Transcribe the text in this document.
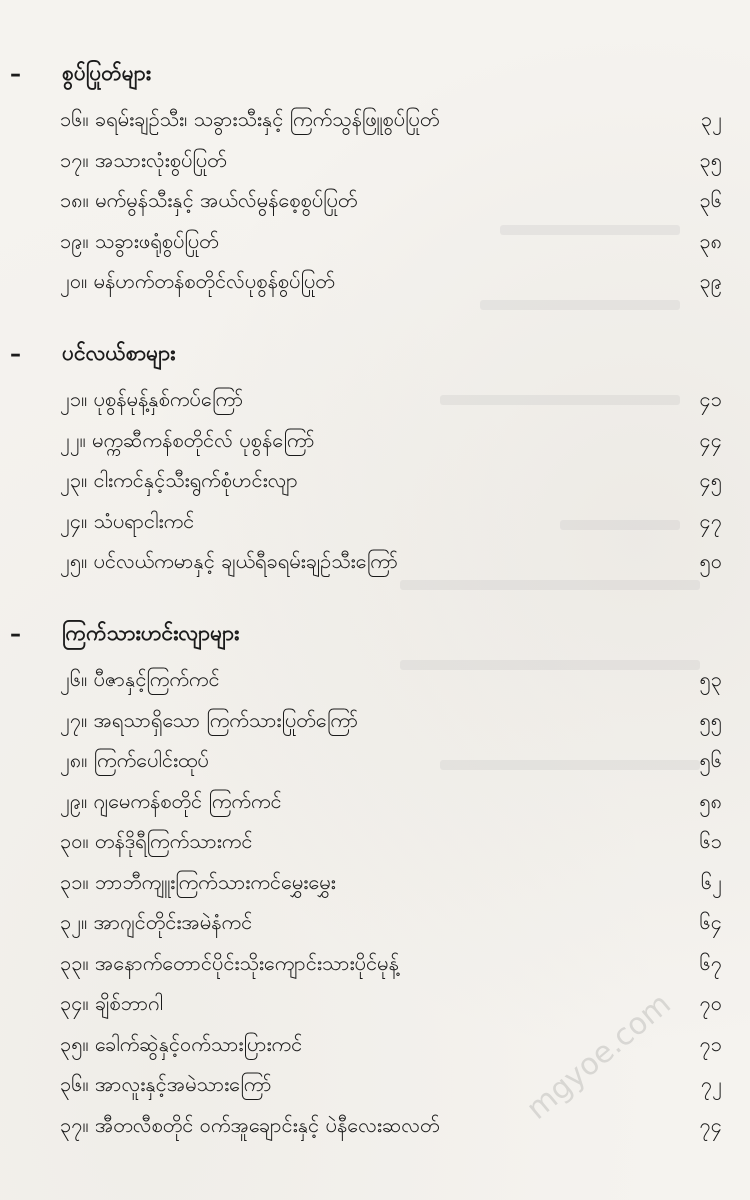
– စွပ်ပြုတ်များ
၁၆။ ခရမ်းချဉ်သီး၊ သခွားသီးနှင့် ကြက်သွန်ဖြူစွပ်ပြုတ်	၃၂
၁၇။ အသားလုံးစွပ်ပြုတ်	၃၅
၁၈။ မက်မွန်သီးနှင့် အယ်လ်မွန်စေ့စွပ်ပြုတ်	၃၆
၁၉။ သခွားဖရုံစွပ်ပြုတ်	၃၈
၂၀။ မန်ဟက်တန်စတိုင်လ်ပုစွန်စွပ်ပြုတ်	၃၉
– ပင်လယ်စာများ
၂၁။ ပုစွန်မုန့်နှစ်ကပ်ကြော်	၄၁
၂၂။ မက္ကဆီကန်စတိုင်လ် ပုစွန်ကြော်	၄၄
၂၃။ ငါးကင်နှင့်သီးရွက်စုံဟင်းလျာ	၄၅
၂၄။ သံပရာငါးကင်	၄၇
၂၅။ ပင်လယ်ကမာနှင့် ချယ်ရီခရမ်းချဉ်သီးကြော်	၅၀
– ကြက်သားဟင်းလျာများ
၂၆။ ပီဇာနှင့်ကြက်ကင်	၅၃
၂၇။ အရသာရှိသော ကြက်သားပြုတ်ကြော်	၅၅
၂၈။ ကြက်ပေါင်းထုပ်	၅၆
၂၉။ ဂျမေကန်စတိုင် ကြက်ကင်	၅၈
၃၀။ တန်ဒိုရီကြက်သားကင်	၆၁
၃၁။ ဘာဘီကျူးကြက်သားကင်မွှေးမွှေး	၆၂
၃၂။ အာဂျင်တိုင်းအမဲနံကင်	၆၄
၃၃။ အနောက်တောင်ပိုင်းသိုးကျောင်းသားပိုင်မုန့်	၆၇
၃၄။ ချိစ်ဘာဂါ	၇၀
၃၅။ ခေါက်ဆွဲနှင့်ဝက်သားပြားကင်	၇၁
၃၆။ အာလူးနှင့်အမဲသားကြော်	၇၂
၃၇။ အီတလီစတိုင် ဝက်အူချောင်းနှင့် ပဲနီလေးဆလတ်	၇၄
mgyoe.com
